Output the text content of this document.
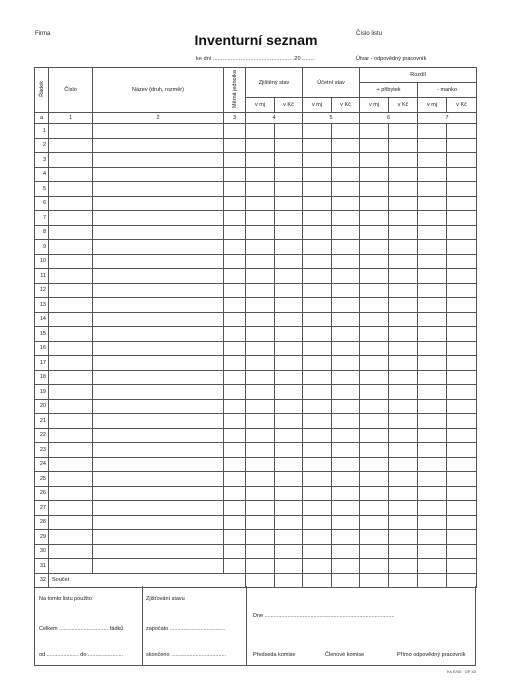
Firma	Inventurní seznam	Číslo listu
ke dni ..................................................20 ........	Útvar - odpovědný pracovník
Řádek	Číslo	Název (druh, rozměr)	Měrná jednotka	Zjištěný stav		Účetní stav		Rozdíl			
								+ přibytek		- manko	
				v mj	v Kč	v mj	v Kč	v mj	v Kč	v mj	v Kč
a	1	2	3	4		5		6		7	
1											
2											
3											
4											
5											
6											
7											
8											
9											
10											
11											
12											
13											
14											
15											
16											
17											
18											
19											
20											
21											
22											
23											
24											
25											
26											
27											
28											
29											
30											
31											
32	Součet										
Na tomto listu použito
Celkem ................................ řádků
od ..................... do .......................
Zjišťování stavu
započato ....................................
skončeno ....................................
Dne .....................................................................................
Předseda komise	Členové komise	Přímo odpovědný pracovník
Ks E/05 · OP 43
